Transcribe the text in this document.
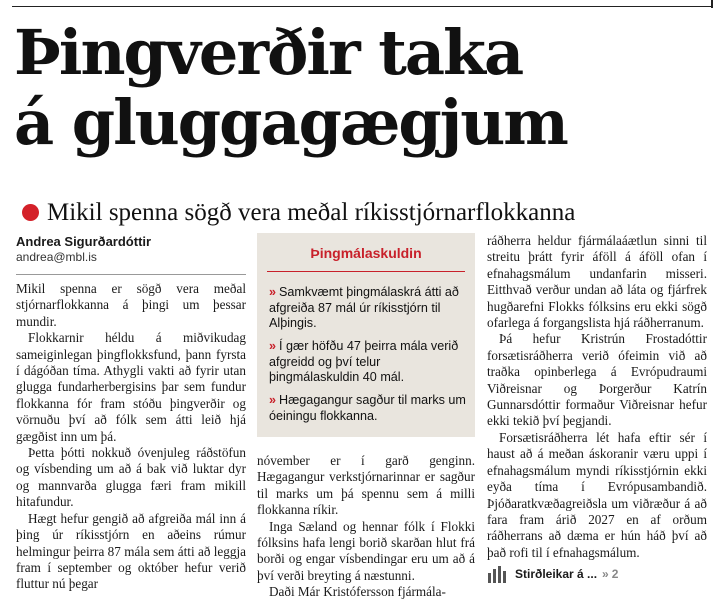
Þingverðir taka
á gluggagægjum
Mikil spenna sögð vera meðal ríkisstjórnarflokkanna
Andrea Sigurðardóttir
andrea@mbl.is

Mikil spenna er sögð vera meðal stjórnarflokkanna á þingi um þessar mundir.

Flokkarnir héldu á miðvikudag sameiginlegan þingflokksfund, þann fyrsta í dágóðan tíma. Athygli vakti að fyrir utan glugga fundarherbergisins þar sem fundur flokkanna fór fram stóðu þingverðir og vörnuðu því að fólk sem átti leið hjá gægðist inn um þá.

Þetta þótti nokkuð óvenjuleg ráðstöfun og vísbending um að á bak við luktar dyr og mannvarða glugga færi fram mikill hitafundur.

Hægt hefur gengið að afgreiða mál inn á þing úr ríkisstjórn en aðeins rúmur helmingur þeirra 87 mála sem átti að leggja fram í september og október hefur verið fluttur nú þegar

Þingmálaskuldin
» Samkvæmt þingmálaskrá átti að afgreiða 87 mál úr ríkisstjórn til Alþingis.
» Í gær höfðu 47 þeirra mála verið afgreidd og því telur þingmálaskuldin 40 mál.
» Hægagangur sagður til marks um óeiningu flokkanna.

nóvember er í garð genginn. Hægagangur verkstjórnarinnar er sagður til marks um þá spennu sem á milli flokkanna ríkir.

Inga Sæland og hennar fólk í Flokki fólksins hafa lengi borið skarðan hlut frá borði og engar vísbendingar eru um að á því verði breyting á næstunni.

Daði Már Kristófersson fjármála-

ráðherra heldur fjármálaáætlun sinni til streitu þrátt fyrir áföll á áföll ofan í efnahagsmálum undanfarin misseri. Eitthvað verður undan að láta og fjárfrek hugðarefni Flokks fólksins eru ekki sögð ofarlega á forgangslista hjá ráðherranum.

Þá hefur Kristrún Frostadóttir forsætisráðherra verið ófeimin við að traðka opinberlega á Evrópudraumi Viðreisnar og Þorgerður Katrín Gunnarsdóttir formaður Viðreisnar hefur ekki tekið því þegjandi.

Forsætisráðherra lét hafa eftir sér í haust að á meðan áskoranir væru uppi í efnahagsmálum myndi ríkisstjórnin ekki eyða tíma í Evrópusambandið. Þjóðaratkvæðagreiðsla um viðræður á að fara fram árið 2027 en af orðum ráðherrans að dæma er hún háð því að það rofi til í efnahagsmálum.

Stirðleikar á ... » 2
